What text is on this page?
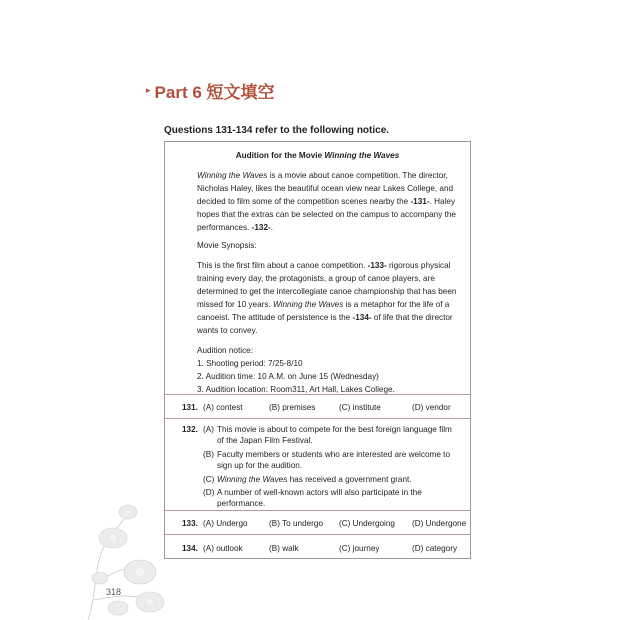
▸ Part 6 短文填空
Questions 131-134 refer to the following notice.
Audition for the Movie Winning the Waves

Winning the Waves is a movie about canoe competition. The director, Nicholas Haley, likes the beautiful ocean view near Lakes College, and decided to film some of the competition scenes nearby the -131-. Haley hopes that the extras can be selected on the campus to accompany the performances. -132-.

Movie Synopsis:

This is the first film about a canoe competition. -133- rigorous physical training every day, the protagonists, a group of canoe players, are determined to get the intercollegiate canoe championship that has been missed for 10 years. Winning the Waves is a metaphor for the life of a canoeist. The attitude of persistence is the -134- of life that the director wants to convey.

Audition notice:

1. Shooting period: 7/25-8/10

2. Audition time: 10 A.M. on June 15 (Wednesday)

3. Audition location: Room311, Art Hall, Lakes College.

131. (A) contest	(B) premises	(C) institute	(D) vendor
132. (A) This movie is about to compete for the best foreign language film of the Japan Film Festival.
(B) Faculty members or students who are interested are welcome to sign up for the audition.
(C) Winning the Waves has received a government grant.
(D) A number of well-known actors will also participate in the performance.
133. (A) Undergo	(B) To undergo (C) Undergoing (D) Undergone
134. (A) outlook	(B) walk	(C) journey	(D) category
318
